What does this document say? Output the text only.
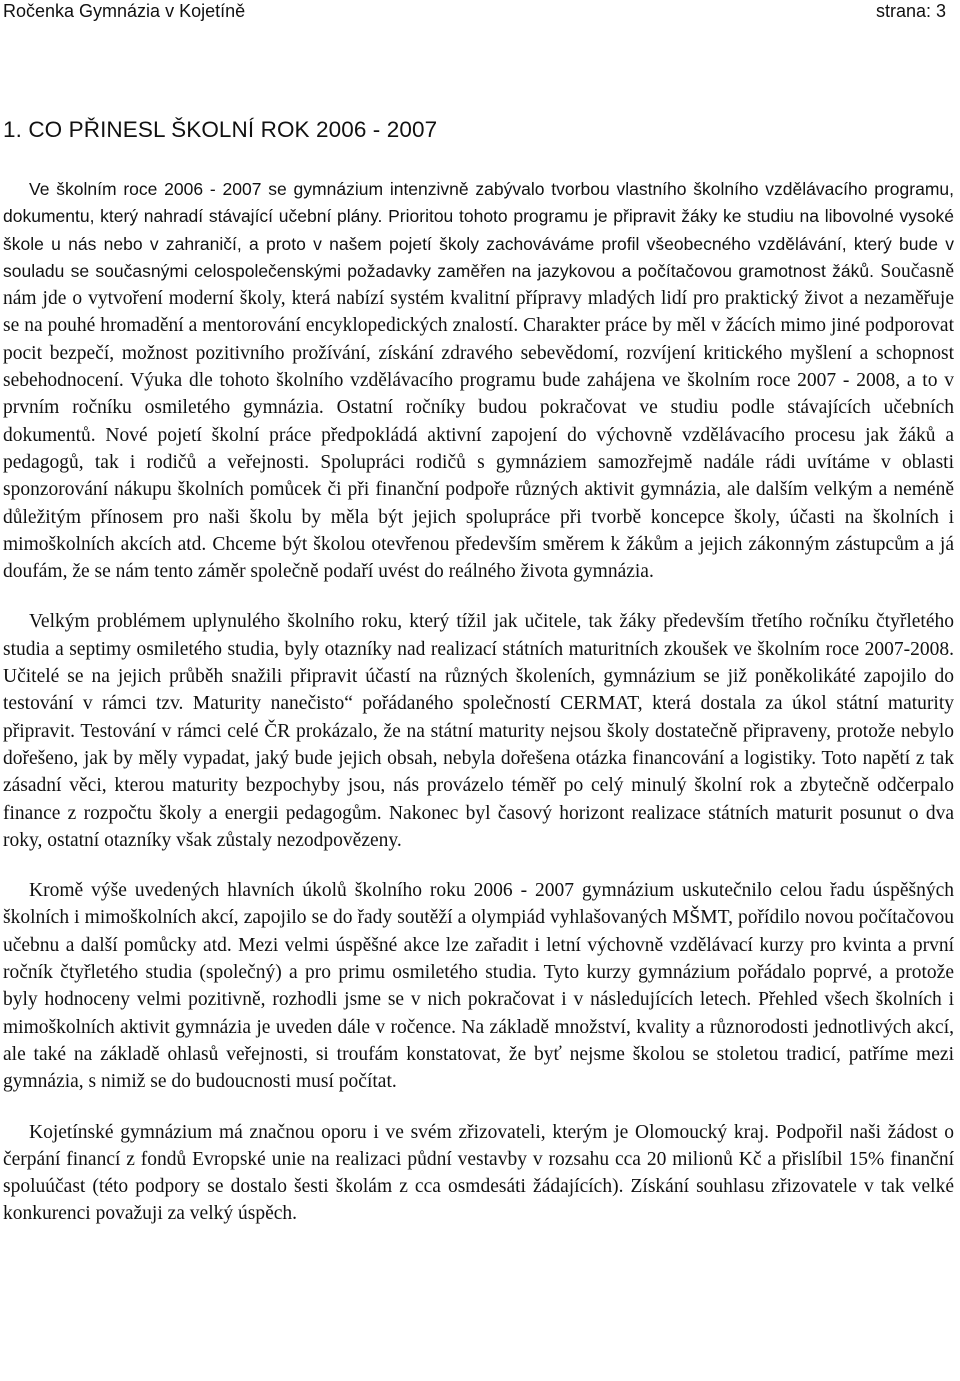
Ročenka Gymnázia v Kojetíně	strana: 3
1. CO PŘINESL ŠKOLNÍ ROK 2006 - 2007

Ve školním roce 2006 - 2007 se gymnázium intenzivně zabývalo tvorbou vlastního školního vzdělávacího programu, dokumentu, který nahradí stávající učební plány. Prioritou tohoto programu je připravit žáky ke studiu na libovolné vysoké škole u nás nebo v zahraničí, a proto v našem pojetí školy zachováváme profil všeobecného vzdělávání, který bude v souladu se současnými celospolečenskými požadavky zaměřen na jazykovou a počítačovou gramotnost žáků. Současně nám jde o vytvoření moderní školy, která nabízí systém kvalitní přípravy mladých lidí pro praktický život a nezaměřuje se na pouhé hromadění a mentorování encyklopedických znalostí. Charakter práce by měl v žácích mimo jiné podporovat pocit bezpečí, možnost pozitivního prožívání, získání zdravého sebevědomí, rozvíjení kritického myšlení a schopnost sebehodnocení. Výuka dle tohoto školního vzdělávacího programu bude zahájena ve školním roce 2007 - 2008, a to v prvním ročníku osmiletého gymnázia. Ostatní ročníky budou pokračovat ve studiu podle stávajících učebních dokumentů. Nové pojetí školní práce předpokládá aktivní zapojení do výchovně vzdělávacího procesu jak žáků a pedagogů, tak i rodičů a veřejnosti. Spolupráci rodičů s gymnáziem samozřejmě nadále rádi uvítáme v oblasti sponzorování nákupu školních pomůcek či při finanční podpoře různých aktivit gymnázia, ale dalším velkým a neméně důležitým přínosem pro naši školu by měla být jejich spolupráce při tvorbě koncepce školy, účasti na školních i mimoškolních akcích atd. Chceme být školou otevřenou především směrem k žákům a jejich zákonným zástupcům a já doufám, že se nám tento záměr společně podaří uvést do reálného života gymnázia.

Velkým problémem uplynulého školního roku, který tížil jak učitele, tak žáky především třetího ročníku čtyřletého studia a septimy osmiletého studia, byly otazníky nad realizací státních maturitních zkoušek ve školním roce 2007-2008. Učitelé se na jejich průběh snažili připravit účastí na různých školeních, gymnázium se již poněkolikáté zapojilo do testování v rámci tzv. Maturity nanečisto“ pořádaného společností CERMAT, která dostala za úkol státní maturity připravit. Testování v rámci celé ČR prokázalo, že na státní maturity nejsou školy dostatečně připraveny, protože nebylo dořešeno, jak by měly vypadat, jaký bude jejich obsah, nebyla dořešena otázka financování a logistiky. Toto napětí z tak zásadní věci, kterou maturity bezpochyby jsou, nás provázelo téměř po celý minulý školní rok a zbytečně odčerpalo finance z rozpočtu školy a energii pedagogům. Nakonec byl časový horizont realizace státních maturit posunut o dva roky, ostatní otazníky však zůstaly nezodpovězeny.

Kromě výše uvedených hlavních úkolů školního roku 2006 - 2007 gymnázium uskutečnilo celou řadu úspěšných školních i mimoškolních akcí, zapojilo se do řady soutěží a olympiád vyhlašovaných MŠMT, pořídilo novou počítačovou učebnu a další pomůcky atd. Mezi velmi úspěšné akce lze zařadit i letní výchovně vzdělávací kurzy pro kvinta a první ročník čtyřletého studia (společný) a pro primu osmiletého studia. Tyto kurzy gymnázium pořádalo poprvé, a protože byly hodnoceny velmi pozitivně, rozhodli jsme se v nich pokračovat i v následujících letech. Přehled všech školních i mimoškolních aktivit gymnázia je uveden dále v ročence. Na základě množství, kvality a různorodosti jednotlivých akcí, ale také na základě ohlasů veřejnosti, si troufám konstatovat, že byť nejsme školou se stoletou tradicí, patříme mezi gymnázia, s nimiž se do budoucnosti musí počítat.

Kojetínské gymnázium má značnou oporu i ve svém zřizovateli, kterým je Olomoucký kraj. Podpořil naši žádost o čerpání financí z fondů Evropské unie na realizaci půdní vestavby v rozsahu cca 20 milionů Kč a přislíbil 15% finanční spoluúčast (této podpory se dostalo šesti školám z cca osmdesáti žádajících). Získání souhlasu zřizovatele v tak velké konkurenci považuji za velký úspěch.
